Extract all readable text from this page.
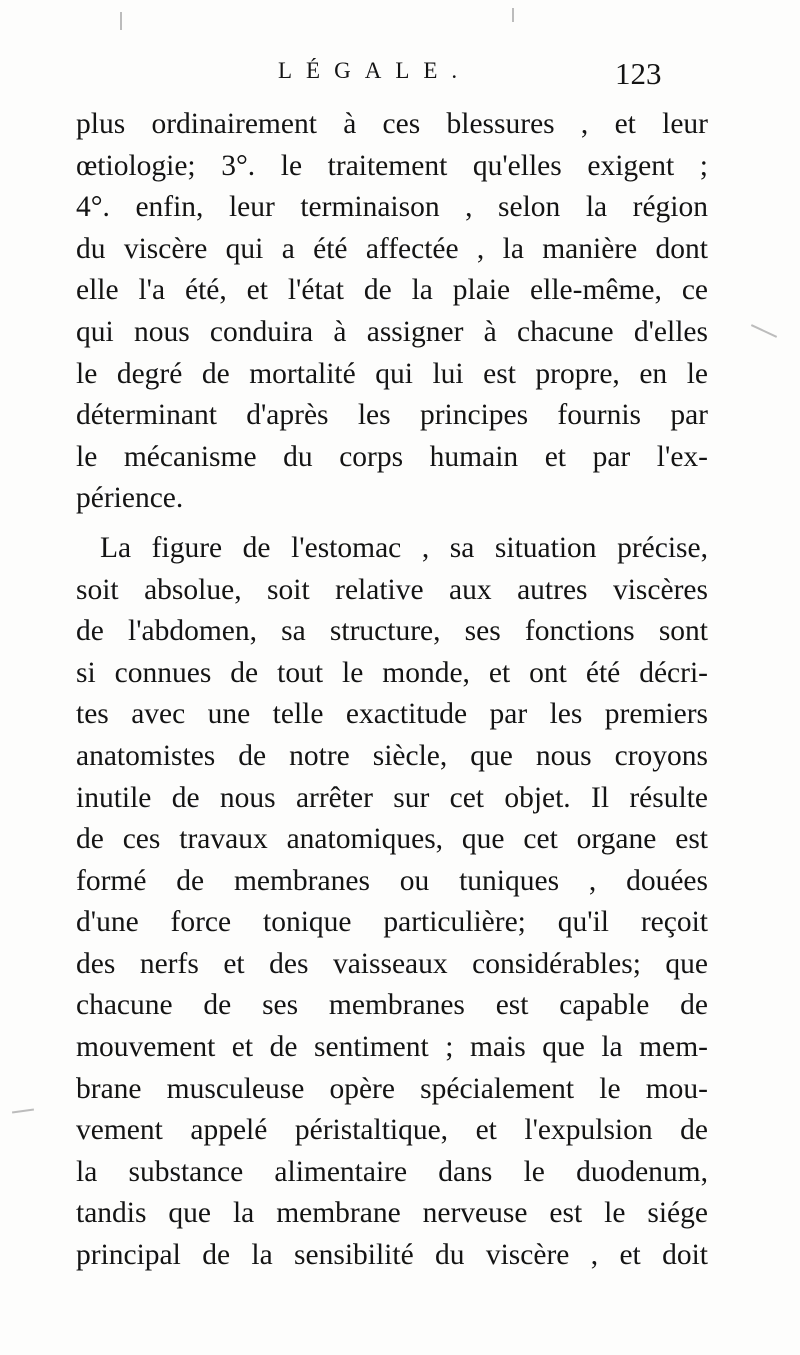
LÉGALE.	123
plus ordinairement à ces blessures , et leur
œtiologie; 3°. le traitement qu'elles exigent ;
4°. enfin, leur terminaison , selon la région
du viscère qui a été affectée , la manière dont
elle l'a été, et l'état de la plaie elle-même, ce
qui nous conduira à assigner à chacune d'elles
le degré de mortalité qui lui est propre, en le
déterminant d'après les principes fournis par
le mécanisme du corps humain et par l'ex-
périence.
La figure de l'estomac , sa situation précise,
soit absolue, soit relative aux autres viscères
de l'abdomen, sa structure, ses fonctions sont
si connues de tout le monde, et ont été décri-
tes avec une telle exactitude par les premiers
anatomistes de notre siècle, que nous croyons
inutile de nous arrêter sur cet objet. Il résulte
de ces travaux anatomiques, que cet organe est
formé de membranes ou tuniques , douées
d'une force tonique particulière; qu'il reçoit
des nerfs et des vaisseaux considérables; que
chacune de ses membranes est capable de
mouvement et de sentiment ; mais que la mem-
brane musculeuse opère spécialement le mou-
vement appelé péristaltique, et l'expulsion de
la substance alimentaire dans le duodenum,
tandis que la membrane nerveuse est le siége
principal de la sensibilité du viscère , et doit
